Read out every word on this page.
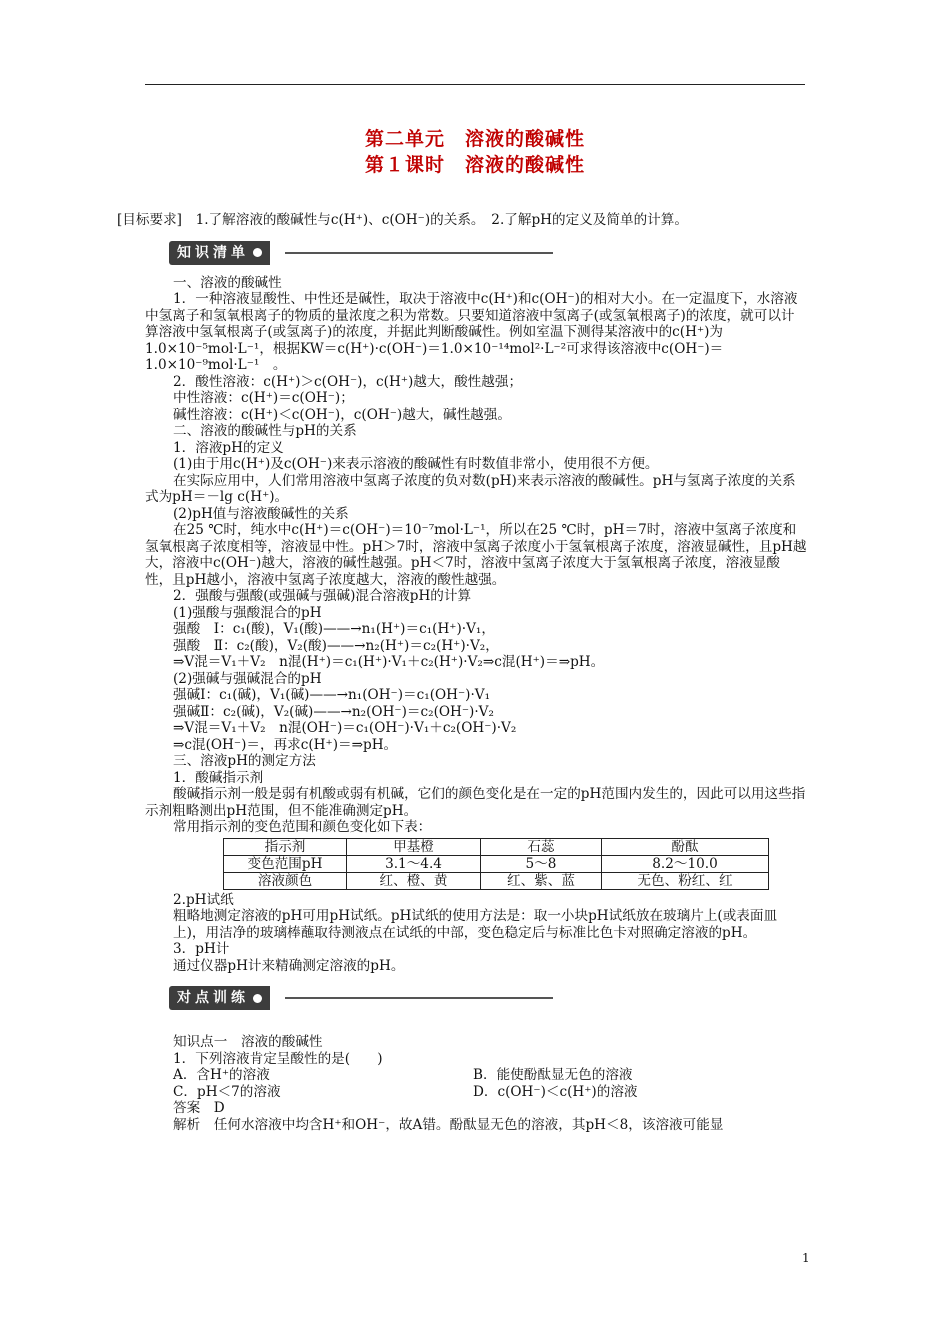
第二单元　溶液的酸碱性
第１课时　溶液的酸碱性

[目标要求]　1.了解溶液的酸碱性与c(H⁺)、c(OH⁻)的关系。　2.了解pH的定义及简单的计算。

知识清单

一、溶液的酸碱性

1．一种溶液显酸性、中性还是碱性，取决于溶液中c(H⁺)和c(OH⁻)的相对大小。在一定温度下，水溶液中氢离子和氢氧根离子的物质的量浓度之积为常数。只要知道溶液中氢离子(或氢氧根离子)的浓度，就可以计算溶液中氢氧根离子(或氢离子)的浓度，并据此判断酸碱性。例如室温下测得某溶液中的c(H⁺)为1.0×10⁻⁵mol·L⁻¹，根据KW＝c(H⁺)·c(OH⁻)＝1.0×10⁻¹⁴mol²·L⁻²可求得该溶液中c(OH⁻)＝1.0×10⁻⁹mol·L⁻¹　。

2．酸性溶液：c(H⁺)＞c(OH⁻)，c(H⁺)越大，酸性越强；

中性溶液：c(H⁺)＝c(OH⁻)；

碱性溶液：c(H⁺)＜c(OH⁻)，c(OH⁻)越大，碱性越强。

二、溶液的酸碱性与pH的关系

1．溶液pH的定义

(1)由于用c(H⁺)及c(OH⁻)来表示溶液的酸碱性有时数值非常小，使用很不方便。

在实际应用中，人们常用溶液中氢离子浓度的负对数(pH)来表示溶液的酸碱性。pH与氢离子浓度的关系式为pH＝－lg c(H⁺)。

(2)pH值与溶液酸碱性的关系

在25 ℃时，纯水中c(H⁺)＝c(OH⁻)＝10⁻⁷mol·L⁻¹，所以在25 ℃时，pH＝7时，溶液中氢离子浓度和氢氧根离子浓度相等，溶液显中性。pH＞7时，溶液中氢离子浓度小于氢氧根离子浓度，溶液显碱性，且pH越大，溶液中c(OH⁻)越大，溶液的碱性越强。pH＜7时，溶液中氢离子浓度大于氢氧根离子浓度，溶液显酸性，且pH越小，溶液中氢离子浓度越大，溶液的酸性越强。

2．强酸与强酸(或强碱与强碱)混合溶液pH的计算

(1)强酸与强酸混合的pH

强酸　Ⅰ：c₁(酸)，V₁(酸)——→n₁(H⁺)＝c₁(H⁺)·V₁，

强酸　Ⅱ：c₂(酸)，V₂(酸)——→n₂(H⁺)＝c₂(H⁺)·V₂，

⇒V混＝V₁＋V₂　n混(H⁺)＝c₁(H⁺)·V₁＋c₂(H⁺)·V₂⇒c混(H⁺)＝⇒pH。

(2)强碱与强碱混合的pH

强碱Ⅰ：c₁(碱)，V₁(碱)——→n₁(OH⁻)＝c₁(OH⁻)·V₁

强碱Ⅱ：c₂(碱)，V₂(碱)——→n₂(OH⁻)＝c₂(OH⁻)·V₂

⇒V混＝V₁＋V₂　n混(OH⁻)＝c₁(OH⁻)·V₁＋c₂(OH⁻)·V₂

⇒c混(OH⁻)＝，再求c(H⁺)＝⇒pH。

三、溶液pH的测定方法

1．酸碱指示剂

酸碱指示剂一般是弱有机酸或弱有机碱，它们的颜色变化是在一定的pH范围内发生的，因此可以用这些指示剂粗略测出pH范围，但不能准确测定pH。

常用指示剂的变色范围和颜色变化如下表：

指示剂	甲基橙	石蕊	酚酞
变色范围pH	3.1～4.4	5～8	8.2～10.0
溶液颜色	红、橙、黄	红、紫、蓝	无色、粉红、红

2.pH试纸

粗略地测定溶液的pH可用pH试纸。pH试纸的使用方法是：取一小块pH试纸放在玻璃片上(或表面皿上)，用洁净的玻璃棒蘸取待测液点在试纸的中部，变色稳定后与标准比色卡对照确定溶液的pH。

3．pH计

通过仪器pH计来精确测定溶液的pH。

对点训练

知识点一　溶液的酸碱性

1．下列溶液肯定呈酸性的是(　　)

A．含H⁺的溶液	B．能使酚酞显无色的溶液
C．pH＜7的溶液	D．c(OH⁻)＜c(H⁺)的溶液

答案　D

解析　任何水溶液中均含H⁺和OH⁻，故A错。酚酞显无色的溶液，其pH＜8，该溶液可能显

1
